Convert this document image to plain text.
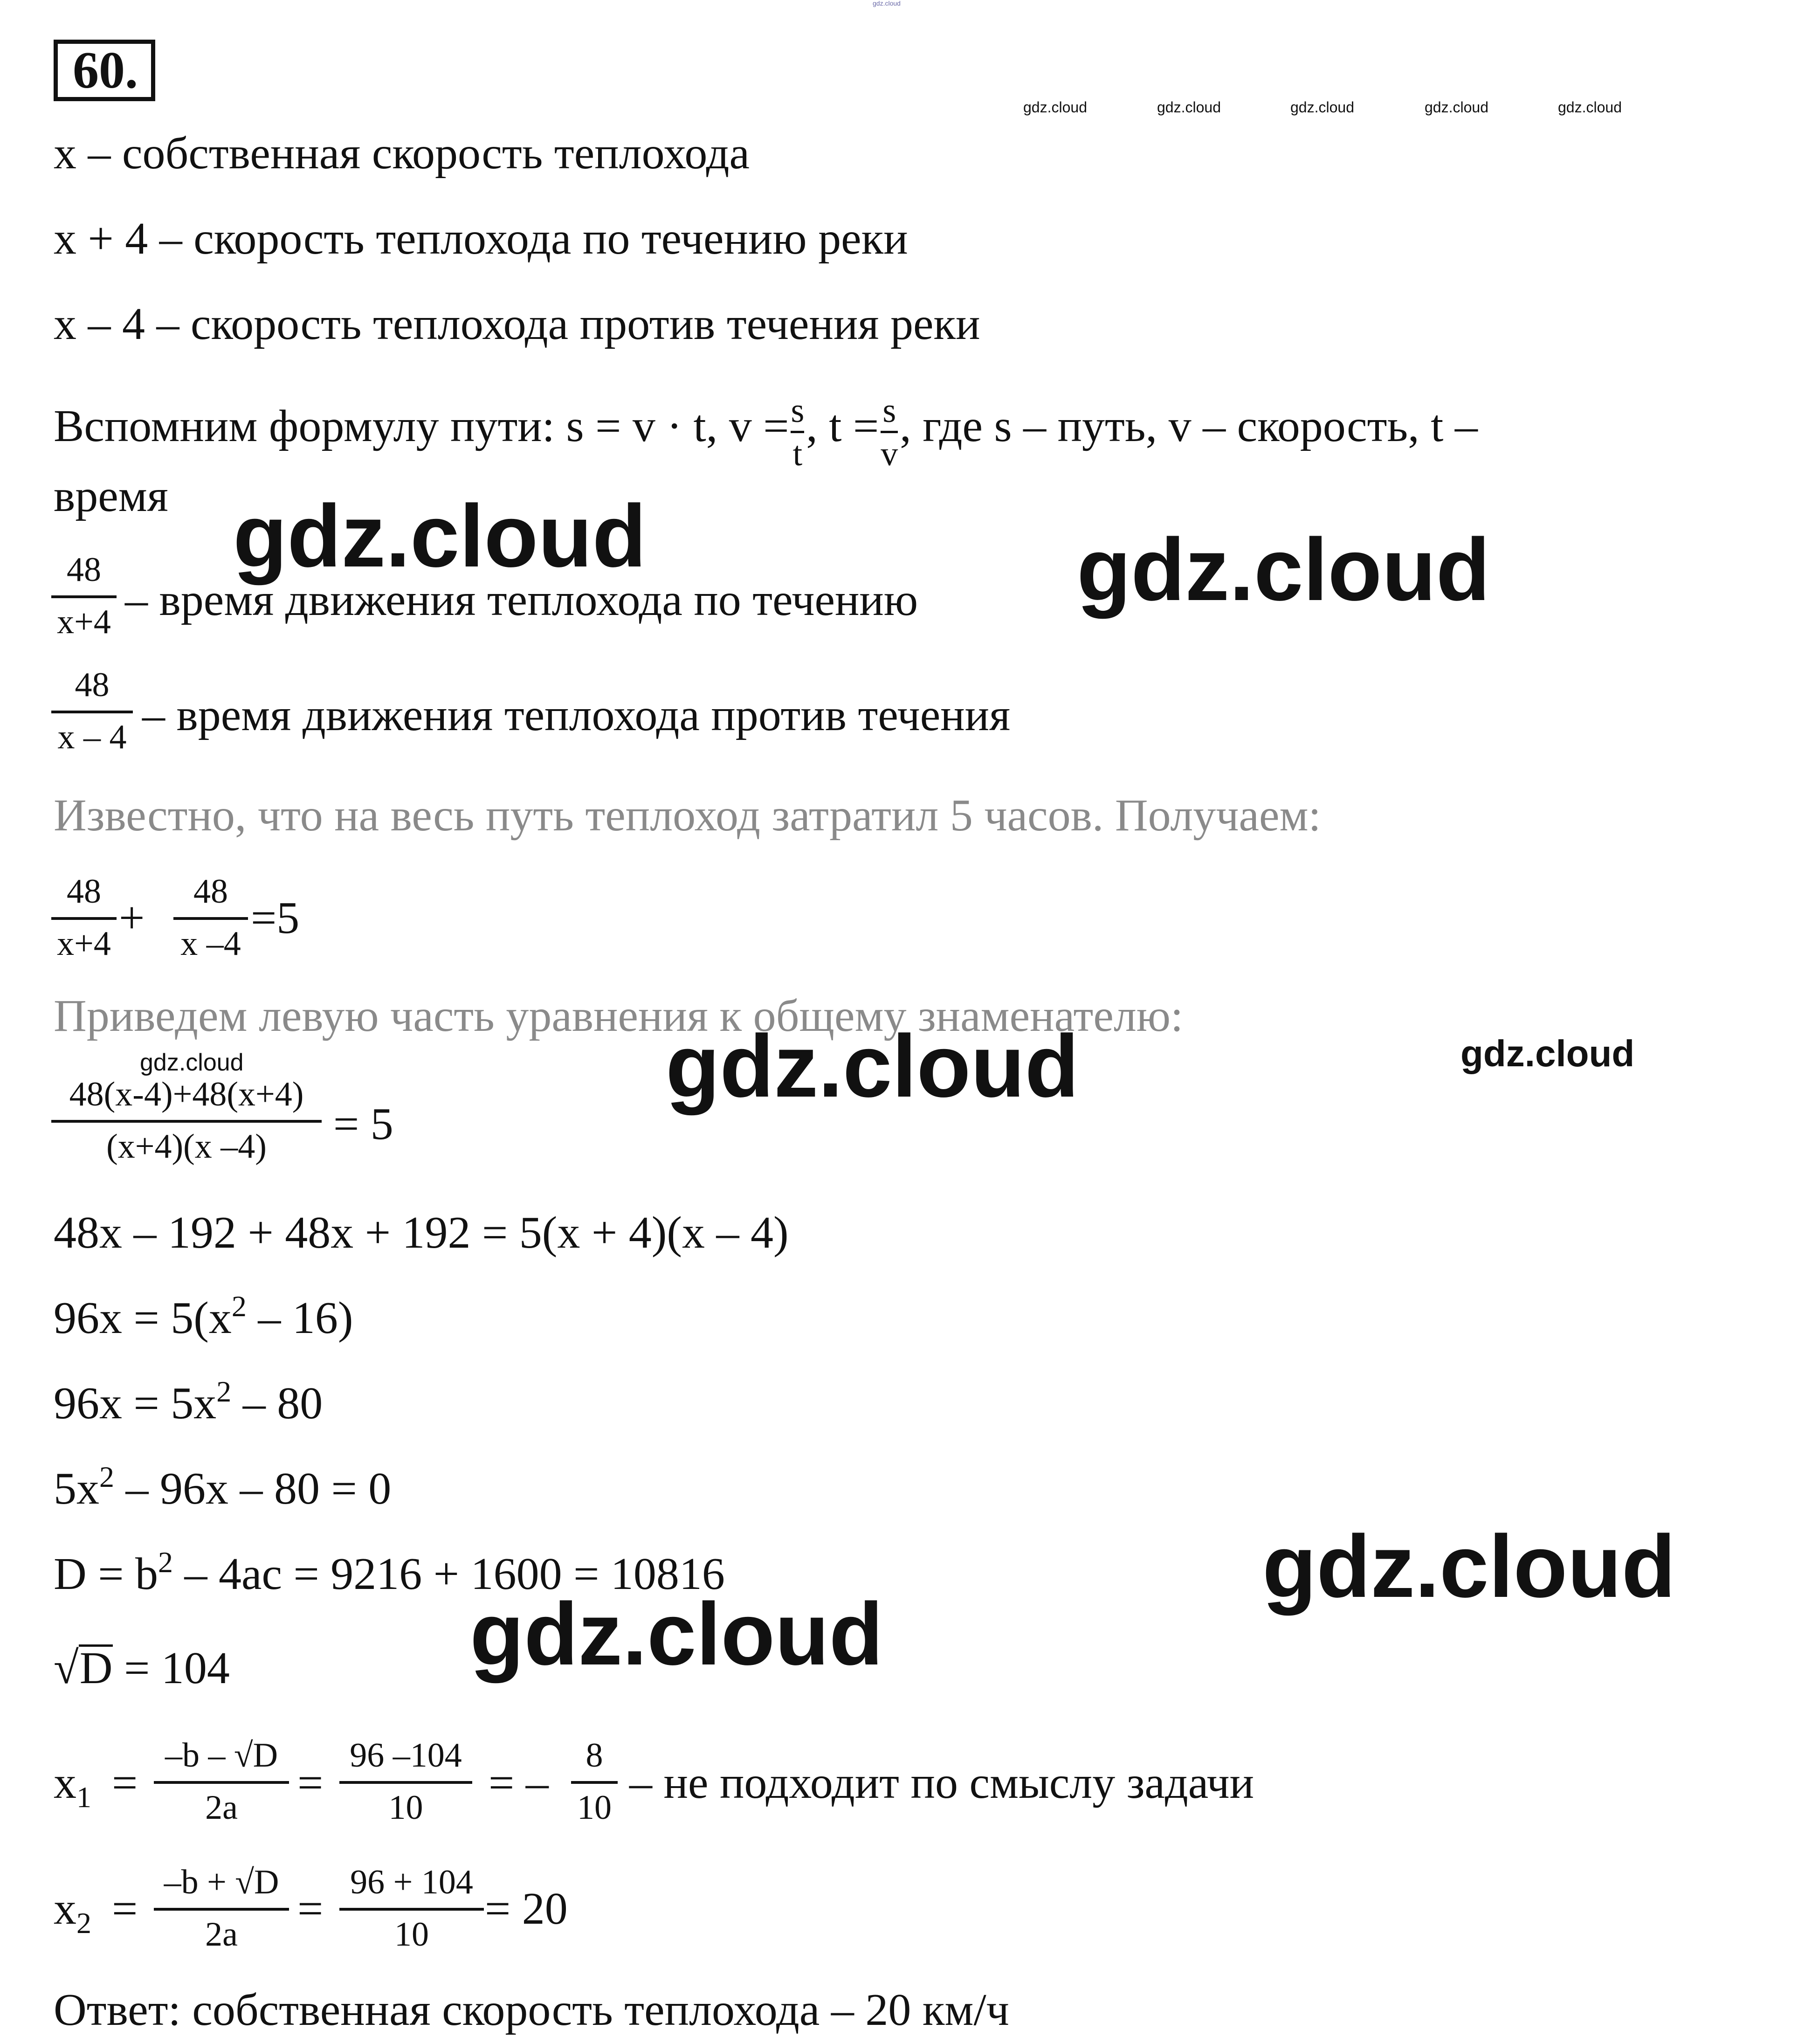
gdz.cloud
60.
gdz.cloud	gdz.cloud	gdz.cloud	gdz.cloud	gdz.cloud
х – собственная скорость теплохода
х + 4 – скорость теплохода по течению реки
х – 4 – скорость теплохода против течения реки
Вспомним формулу пути: s = v · t, v = s
t
, t = s
v
, где s – путь, v – скорость, t –
время
48
х+4 – время движения теплохода по течению
48
х – 4 – время движения теплохода против течения
Известно, что на весь путь теплоход затратил 5 часов. Получаем:
48
х+4
+
48
х –4
=5
Приведем левую часть уравнения к общему знаменателю:
48(х-4)+48(х+4)
(х+4)(х –4)	= 5
48х – 192 + 48х + 192 = 5(х + 4)(х – 4)
$96х = 5(х^2 - 16)$
$96х = 5х^2 - 80$
$5х^2 - 96х - 80 = 0$
$D = b^2 - 4ac = 9216 + 1600 = 10816$
√D = 104
$x_1$ =
–b – √D
2a	=
96 –104
10	= –
8
10 – не подходит по смыслу задачи
$x_2$ =
–b + √D
2a
=
96 + 104
10
= 20
Ответ: собственная скорость теплохода – 20 км/ч
gdz.cloud	gdz.cloud
gdz.cloud	gdz.cloud	gdz.cloud
gdz.cloud
gdz.cloud
